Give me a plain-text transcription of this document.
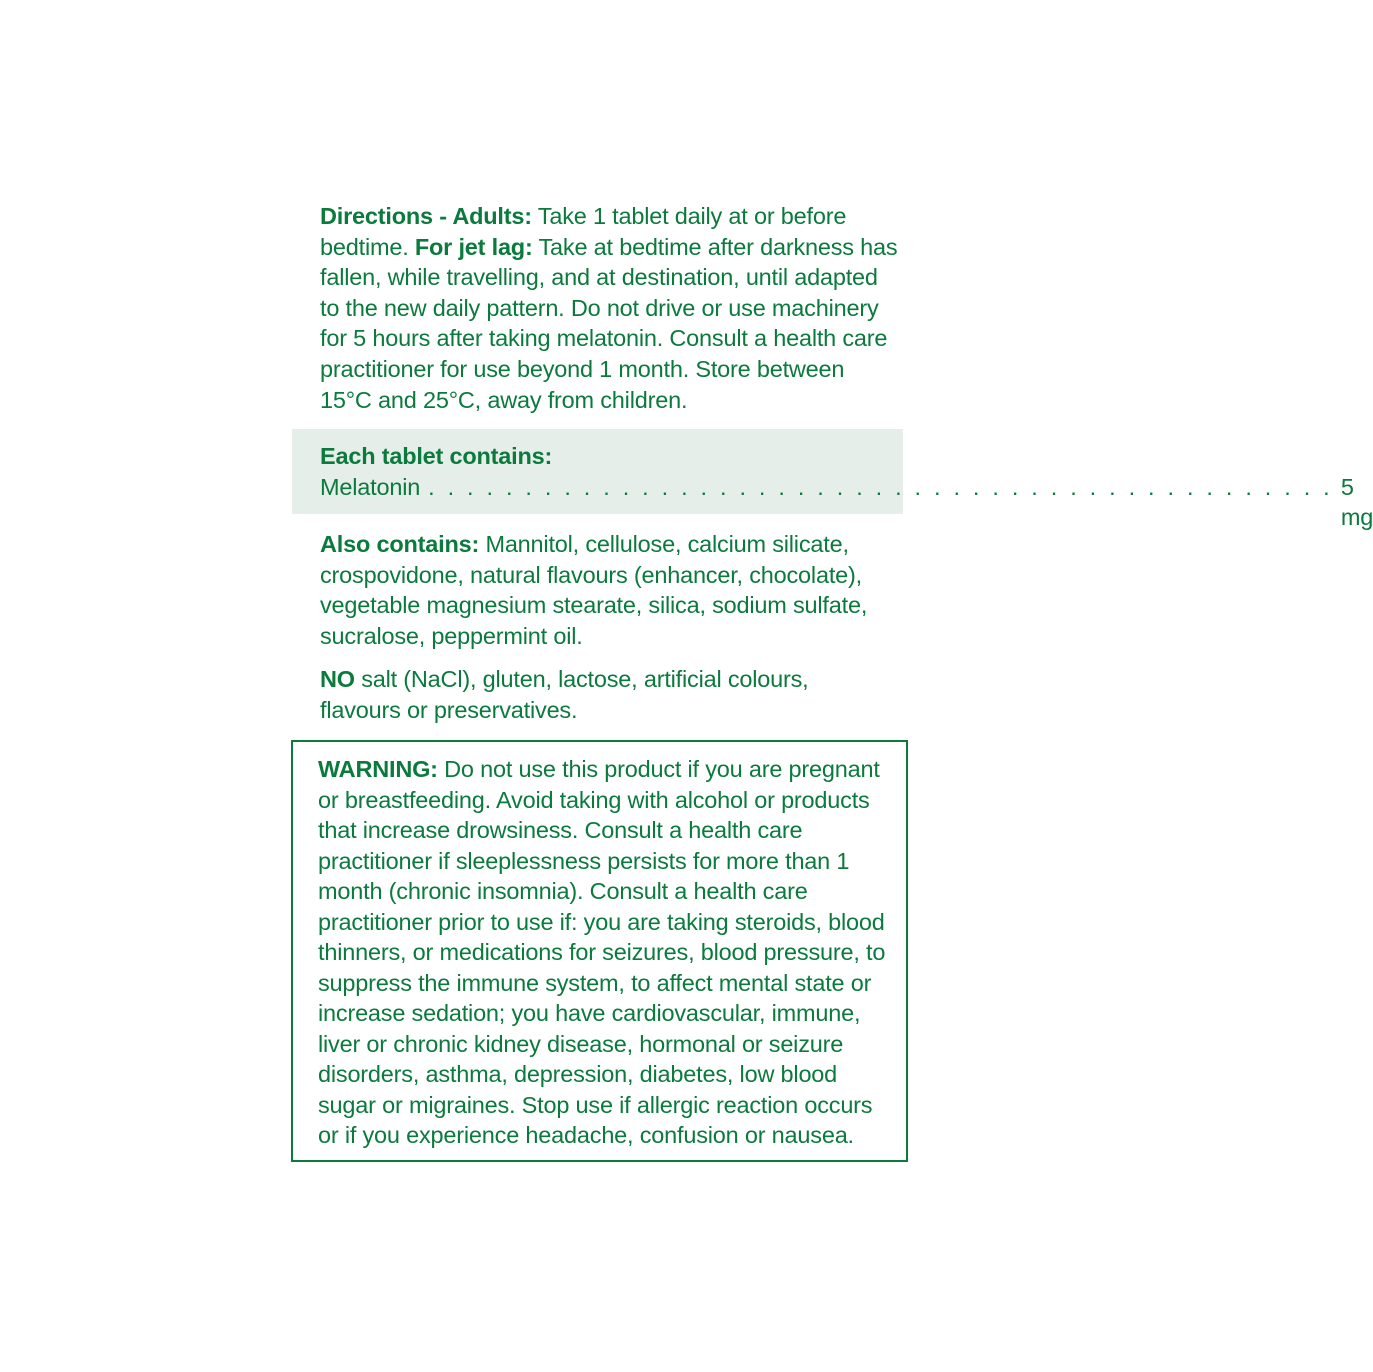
Directions - Adults: Take 1 tablet daily at or before bedtime. For jet lag: Take at bedtime after darkness has fallen, while travelling, and at destination, until adapted to the new daily pattern. Do not drive or use machinery for 5 hours after taking melatonin. Consult a health care practitioner for use beyond 1 month. Store between 15°C and 25°C, away from children.

Each tablet contains:
Melatonin . . . . . . . . . . . . . . . . . . . . . . . . . . . . . . . . . . . . . . . . . . . . . . . 5 mg

Also contains: Mannitol, cellulose, calcium silicate, crospovidone, natural flavours (enhancer, chocolate), vegetable magnesium stearate, silica, sodium sulfate, sucralose, peppermint oil.

NO salt (NaCl), gluten, lactose, artificial colours, flavours or preservatives.

WARNING: Do not use this product if you are pregnant or breastfeeding. Avoid taking with alcohol or products that increase drowsiness. Consult a health care practitioner if sleeplessness persists for more than 1 month (chronic insomnia). Consult a health care practitioner prior to use if: you are taking steroids, blood thinners, or medications for seizures, blood pressure, to suppress the immune system, to affect mental state or increase sedation; you have cardiovascular, immune, liver or chronic kidney disease, hormonal or seizure disorders, asthma, depression, diabetes, low blood sugar or migraines. Stop use if allergic reaction occurs or if you experience headache, confusion or nausea.
